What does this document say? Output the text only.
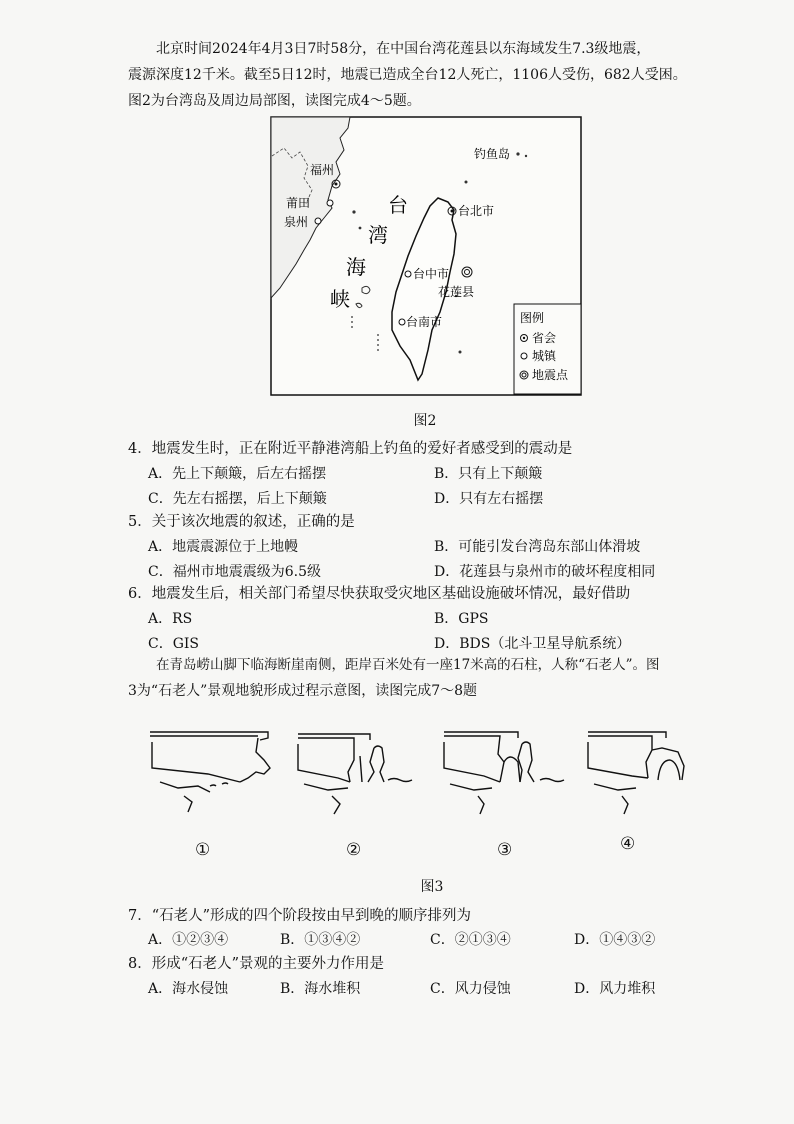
北京时间2024年4月3日7时58分，在中国台湾花莲县以东海域发生7.3级地震，
震源深度12千米。截至5日12时，地震已造成全台12人死亡，1106人受伤，682人受困。
图2为台湾岛及周边局部图，读图完成4～5题。
福州
莆田
泉州
钓鱼岛
台北市
台中市
花莲县
台南市
台
湾
海
峡
图例
省会
城镇
地震点
图2
4．地震发生时，正在附近平静港湾船上钓鱼的爱好者感受到的震动是
A．先上下颠簸，后左右摇摆	B．只有上下颠簸
C．先左右摇摆，后上下颠簸	D．只有左右摇摆
5．关于该次地震的叙述，正确的是
A．地震震源位于上地幔	B．可能引发台湾岛东部山体滑坡
C．福州市地震震级为6.5级	D．花莲县与泉州市的破坏程度相同
6．地震发生后，相关部门希望尽快获取受灾地区基础设施破坏情况，最好借助
A．RS	B．GPS
C．GIS	D．BDS（北斗卫星导航系统）
在青岛崂山脚下临海断崖南侧，距岸百米处有一座17米高的石柱，人称“石老人”。图
3为“石老人”景观地貌形成过程示意图，读图完成7～8题
①	②	③	④
图3
7．“石老人”形成的四个阶段按由早到晚的顺序排列为
A．①②③④	B．①③④②	C．②①③④	D．①④③②
8．形成“石老人”景观的主要外力作用是
A．海水侵蚀	B．海水堆积	C．风力侵蚀	D．风力堆积
